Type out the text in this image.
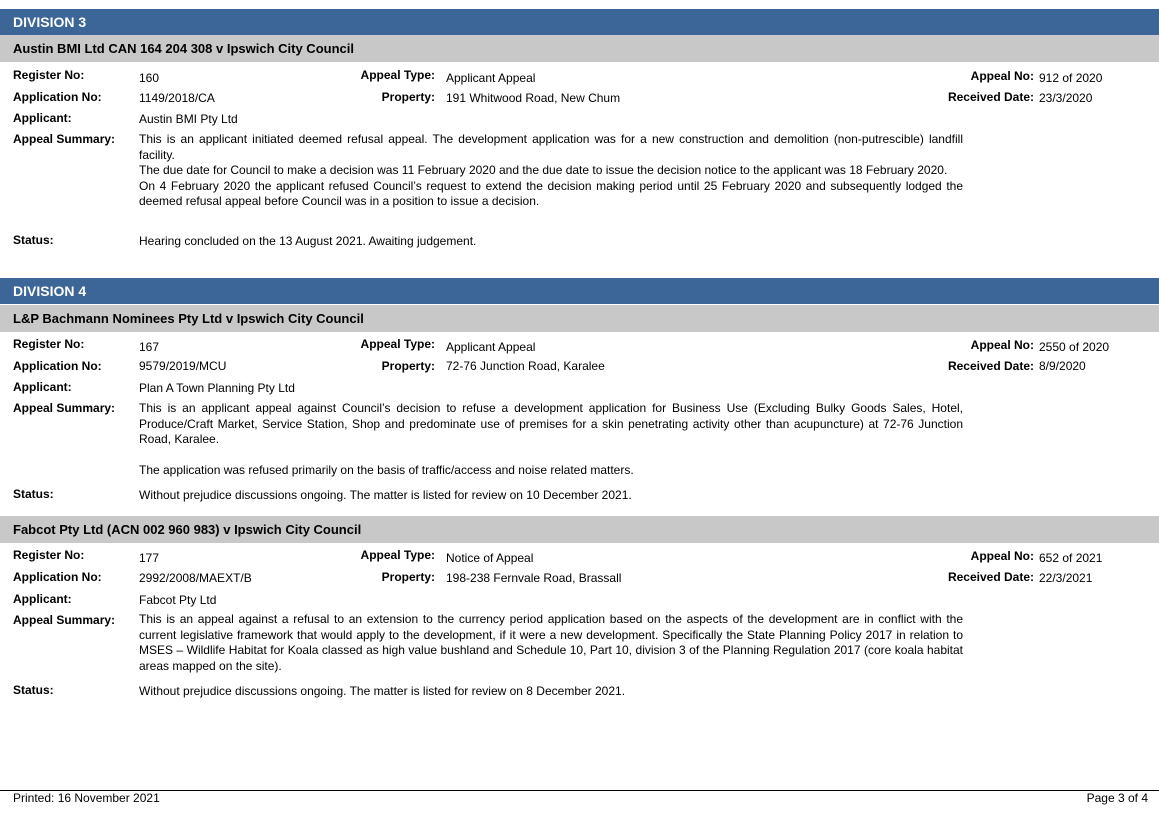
DIVISION 3
Austin BMI Ltd CAN 164 204 308 v Ipswich City Council
Register No:	160	Appeal Type: Applicant Appeal	Appeal No: 912 of 2020
Application No:	1149/2018/CA	Property: 191 Whitwood Road, New Chum	Received Date: 23/3/2020
Applicant:	Austin BMI Pty Ltd
Appeal Summary: This is an applicant initiated deemed refusal appeal. The development application was for a new construction and demolition (non-putrescible) landfill facility.

The due date for Council to make a decision was 11 February 2020 and the due date to issue the decision notice to the applicant was 18 February 2020.

On 4 February 2020 the applicant refused Council’s request to extend the decision making period until 25 February 2020 and subsequently lodged the deemed refusal appeal before Council was in a position to issue a decision.

Status:	Hearing concluded on the 13 August 2021. Awaiting judgement.
DIVISION 4
L&P Bachmann Nominees Pty Ltd v Ipswich City Council
Register No:	167	Appeal Type: Applicant Appeal	Appeal No: 2550 of 2020
Application No:	9579/2019/MCU	Property: 72-76 Junction Road, Karalee	Received Date: 8/9/2020
Applicant:	Plan A Town Planning Pty Ltd
Appeal Summary: This is an applicant appeal against Council’s decision to refuse a development application for Business Use (Excluding Bulky Goods Sales, Hotel, Produce/Craft Market, Service Station, Shop and predominate use of premises for a skin penetrating activity other than acupuncture) at 72-76 Junction Road, Karalee.

The application was refused primarily on the basis of traffic/access and noise related matters.

Status:	Without prejudice discussions ongoing. The matter is listed for review on 10 December 2021.
Fabcot Pty Ltd (ACN 002 960 983) v Ipswich City Council
Register No:	177	Appeal Type: Notice of Appeal	Appeal No: 652 of 2021
Application No:	2992/2008/MAEXT/B	Property: 198-238 Fernvale Road, Brassall	Received Date: 22/3/2021
Applicant:	Fabcot Pty Ltd
Appeal Summary: This is an appeal against a refusal to an extension to the currency period application based on the aspects of the development are in conflict with the current legislative framework that would apply to the development, if it were a new development. Specifically the State Planning Policy 2017 in relation to MSES – Wildlife Habitat for Koala classed as high value bushland and Schedule 10, Part 10, division 3 of the Planning Regulation 2017 (core koala habitat areas mapped on the site).

Status:	Without prejudice discussions ongoing. The matter is listed for review on 8 December 2021.
Printed: 16 November 2021	Page 3 of 4
